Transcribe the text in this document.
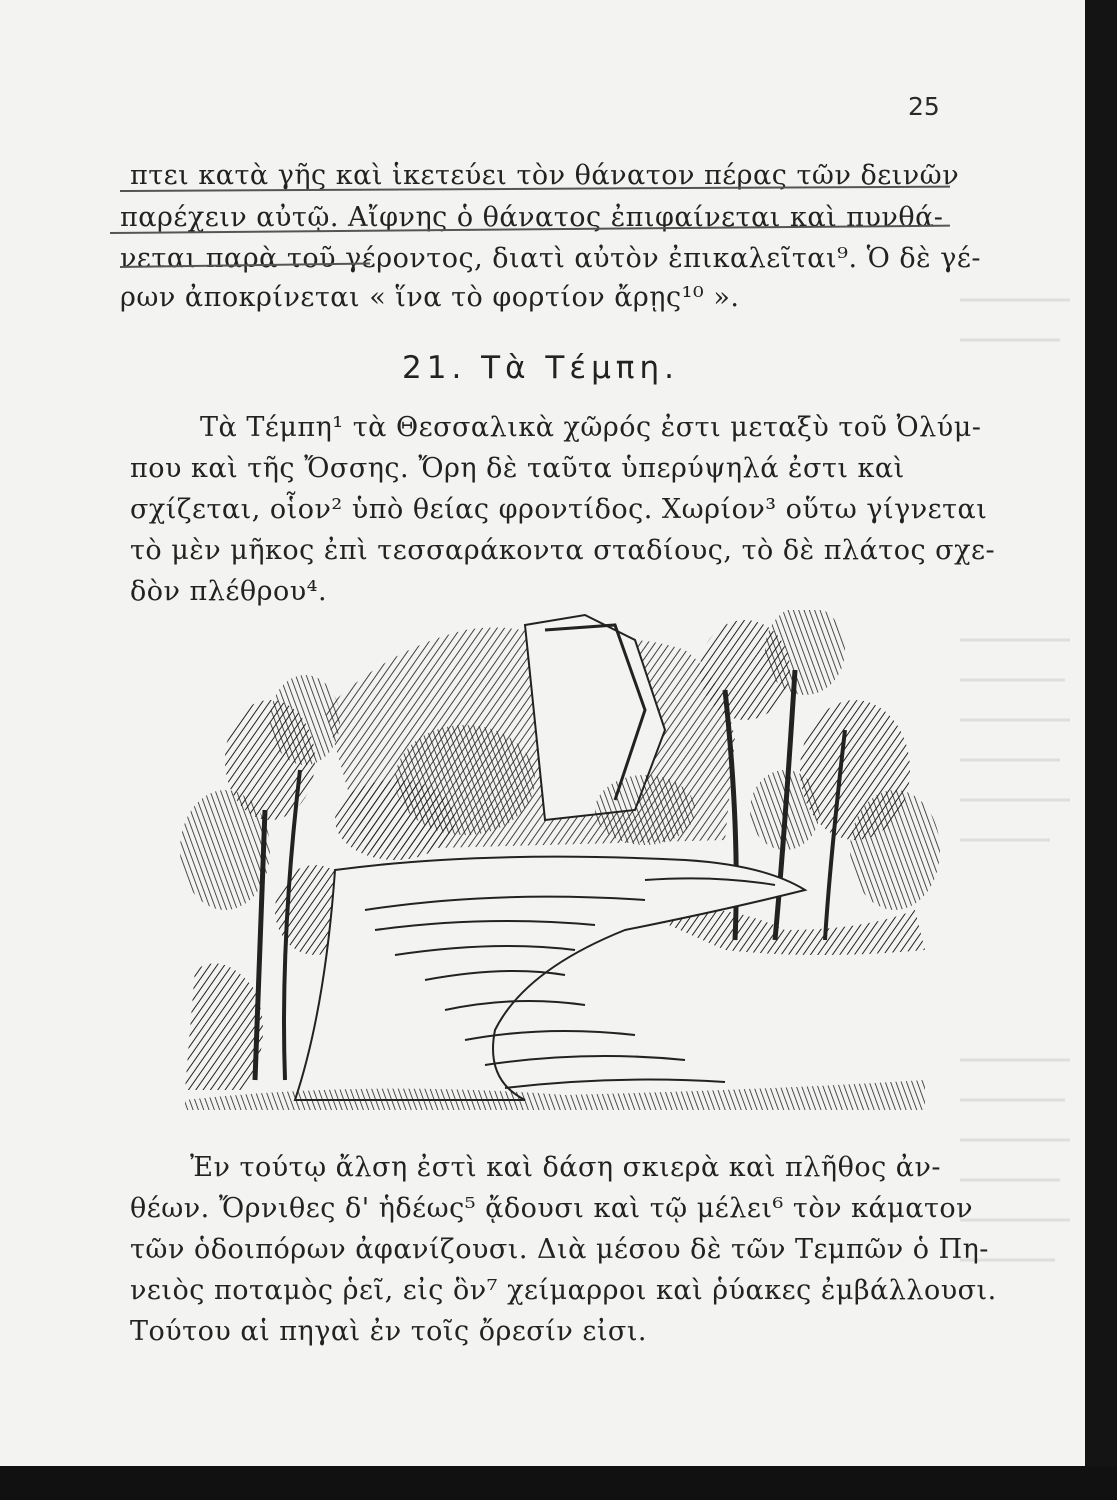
25
πτει κατὰ γῆς καὶ ἱκετεύει τὸν θάνατον πέρας τῶν δεινῶν
παρέχειν αὐτῷ. Αἴφνης ὁ θάνατος ἐπιφαίνεται καὶ πυνθά-
νεται παρὰ τοῦ γέροντος, διατὶ αὐτὸν ἐπικαλεῖται⁹. Ὁ δὲ γέ-
ρων ἀποκρίνεται « ἵνα τὸ φορτίον ἄρῃς¹⁰ ».
21. Τὰ Τέμπη.
Τὰ Τέμπη¹ τὰ Θεσσαλικὰ χῶρός ἐστι μεταξὺ τοῦ Ὀλύμ-
που καὶ τῆς Ὄσσης. Ὄρη δὲ ταῦτα ὑπερύψηλά ἐστι καὶ
σχίζεται, οἷον² ὑπὸ θείας φροντίδος. Χωρίον³ οὕτω γίγνεται
τὸ μὲν μῆκος ἐπὶ τεσσαράκοντα σταδίους, τὸ δὲ πλάτος σχε-
δὸν πλέθρου⁴.
Ἐν τούτῳ ἄλση ἐστὶ καὶ δάση σκιερὰ καὶ πλῆθος ἀν-
θέων. Ὄρνιθες δ' ἡδέως⁵ ᾄδουσι καὶ τῷ μέλει⁶ τὸν κάματον
τῶν ὁδοιπόρων ἀφανίζουσι. Διὰ μέσου δὲ τῶν Τεμπῶν ὁ Πη-
νειὸς ποταμὸς ῥεῖ, εἰς ὃν⁷ χείμαρροι καὶ ῥύακες ἐμβάλλουσι.
Τούτου αἱ πηγαὶ ἐν τοῖς ὄρεσίν εἰσι.
